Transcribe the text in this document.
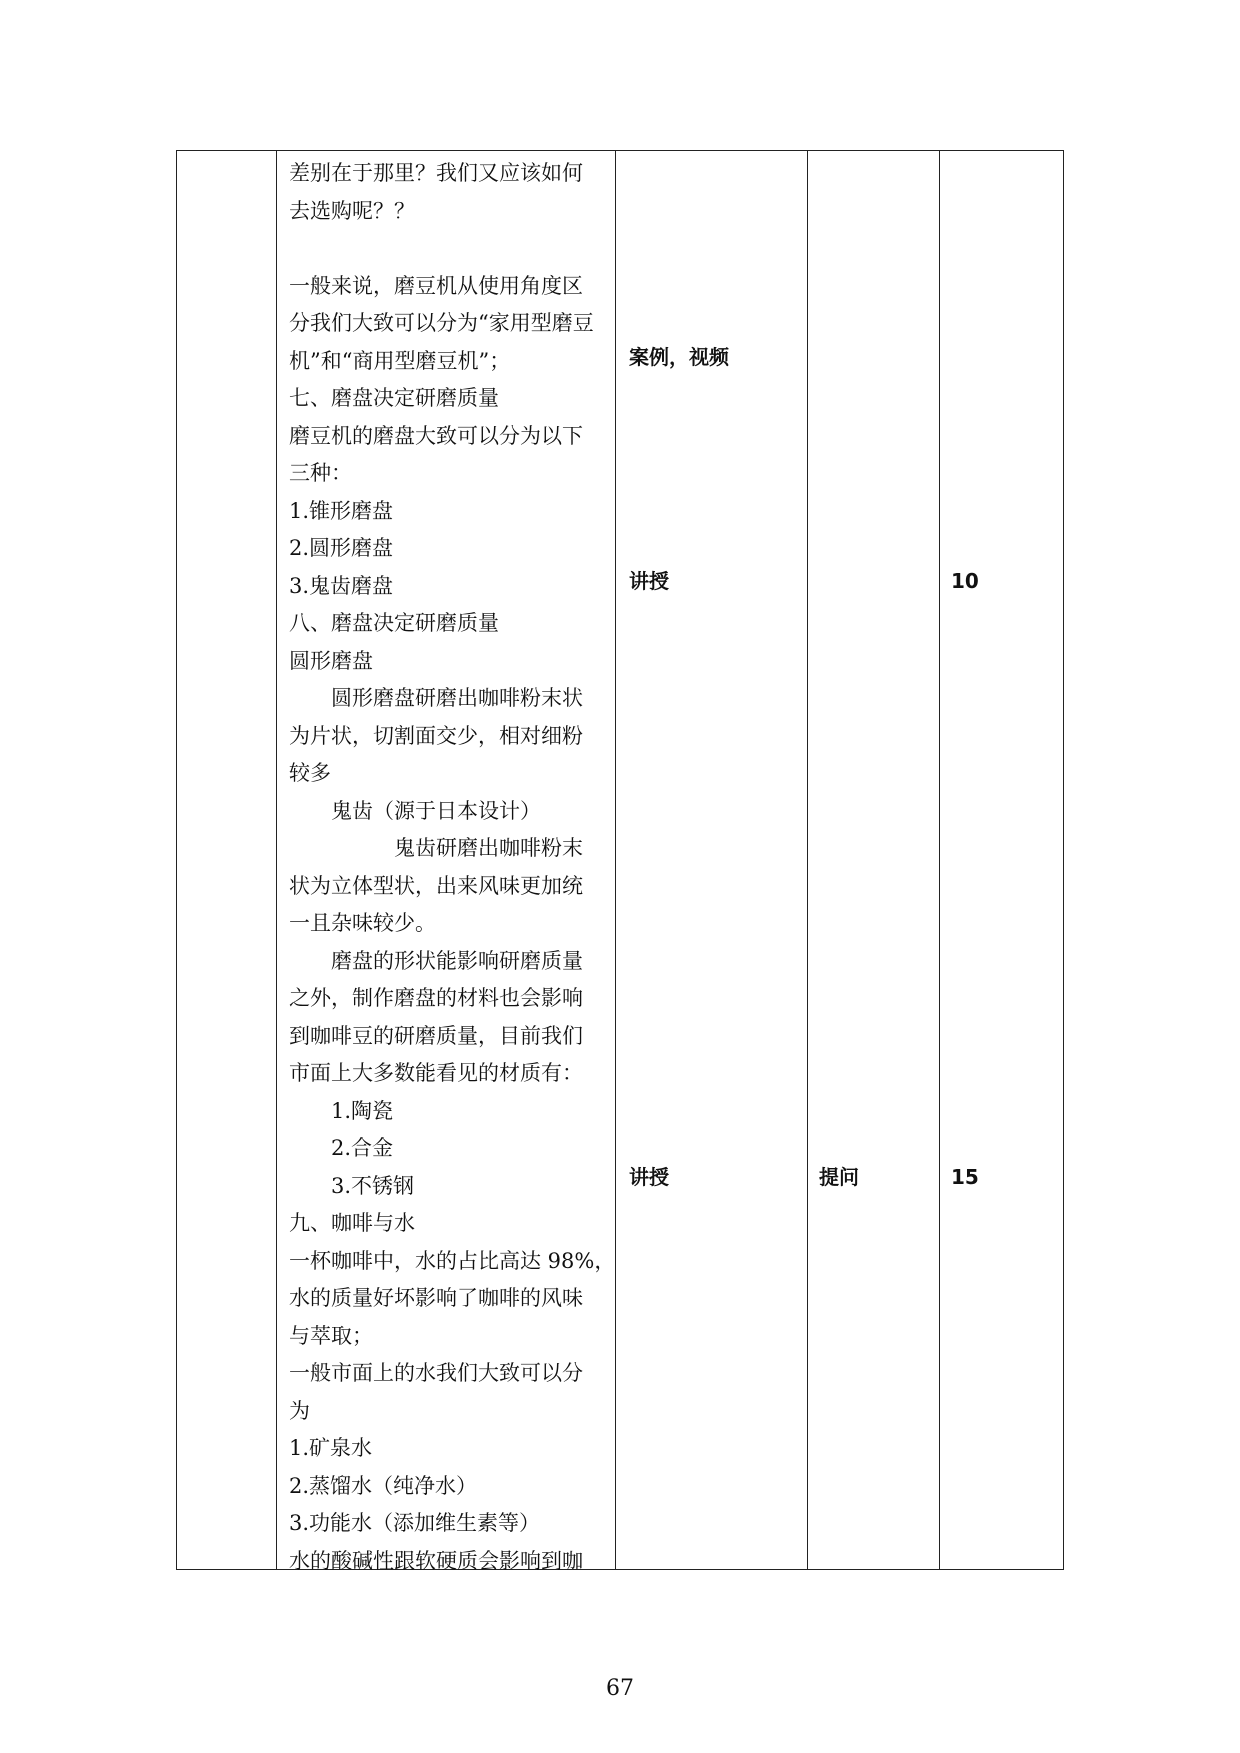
差别在于那里？我们又应该如何
去选购呢？？
一般来说，磨豆机从使用角度区
分我们大致可以分为“家用型磨豆
机”和“商用型磨豆机”；
七、磨盘决定研磨质量
磨豆机的磨盘大致可以分为以下
三种：
1.锥形磨盘
2.圆形磨盘
3.鬼齿磨盘
八、磨盘决定研磨质量
圆形磨盘
圆形磨盘研磨出咖啡粉末状
为片状，切割面交少，相对细粉
较多
鬼齿（源于日本设计）
鬼齿研磨出咖啡粉末
状为立体型状，出来风味更加统
一且杂味较少。
磨盘的形状能影响研磨质量
之外，制作磨盘的材料也会影响
到咖啡豆的研磨质量，目前我们
市面上大多数能看见的材质有：
1.陶瓷
2.合金
3.不锈钢
九、咖啡与水
一杯咖啡中，水的占比高达 98%，
水的质量好坏影响了咖啡的风味
与萃取；
一般市面上的水我们大致可以分
为
1.矿泉水
2.蒸馏水（纯净水）
3.功能水（添加维生素等）
水的酸碱性跟软硬质会影响到咖
案例，视频
讲授
讲授	提问
10
15
67
